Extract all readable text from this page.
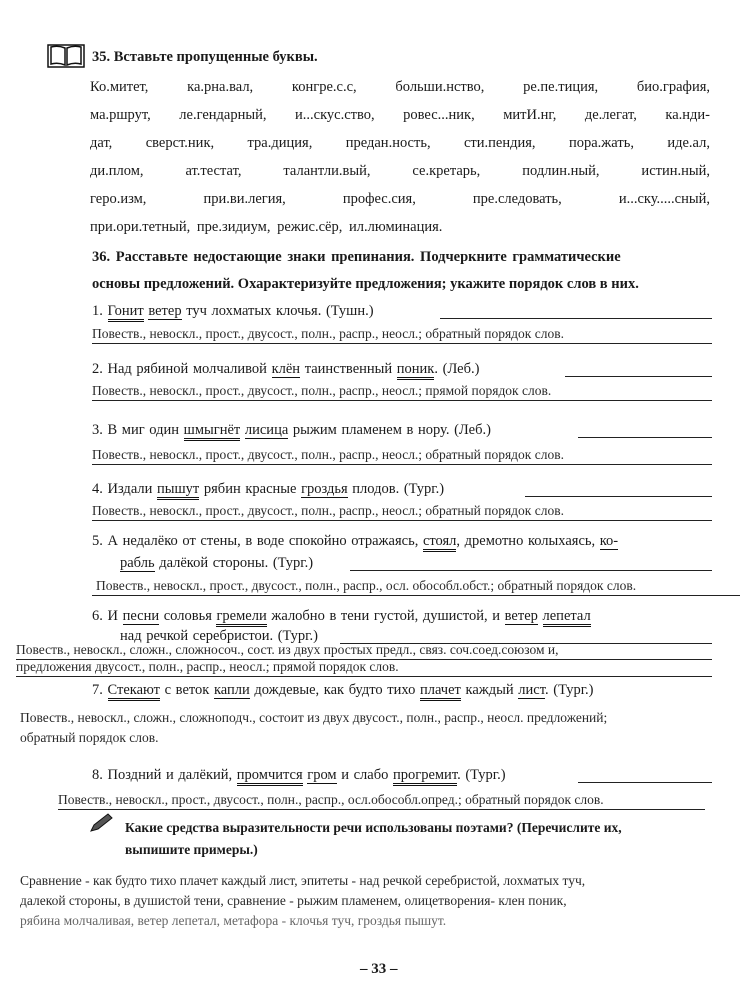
35. Вставьте пропущенные буквы.
Ко.митет, ка.рна.вал, конгре.с.с, больши.нство, ре.пе.тиция, био.графия,
ма.ршрут, ле.гендарный, и...скус.ство, ровес...ник, митИ.нг, де.легат, ка.нди-
дат, сверст.ник, тра.диция, предан.ность, сти.пендия, пора.жать, иде.ал,
ди.плом, ат.тестат, талантли.вый, се.кретарь, подлин.ный, истин.ный,
геро.изм, при.ви.легия, профес.сия, пре.следовать, и...ску.....сный,
при.ори.тетный, пре.зидиум, режис.сёр, ил.люминация.
36. Расставьте недостающие знаки препинания. Подчеркните грамматические
основы предложений. Охарактеризуйте предложения; укажите порядок слов в них.
1. Гонит ветер туч лохматых клочья. (Тушн.)
Повеств., невоскл., прост., двусост., полн., распр., неосл.; обратный порядок слов.
2. Над рябиной молчаливой клён таинственный поник. (Леб.)
Повеств., невоскл., прост., двусост., полн., распр., неосл.; прямой порядок слов.
3. В миг один шмыгнёт лисица рыжим пламенем в нору. (Леб.)
Повеств., невоскл., прост., двусост., полн., распр., неосл.; обратный порядок слов.
4. Издали пышут рябин красные гроздья плодов. (Тург.)
Повеств., невоскл., прост., двусост., полн., распр., неосл.; обратный порядок слов.
5. А недалёко от стены, в воде спокойно отражаясь, стоял, дремотно колыхаясь, ко-
рабль далёкой стороны. (Тург.)
Повеств., невоскл., прост., двусост., полн., распр., осл. обособл.обст.; обратный порядок слов.
6. И песни соловья гремели жалобно в тени густой, душистой, и ветер лепетал
над речкой серебристои. (Тург.)
Повеств., невоскл., сложн., сложносоч., сост. из двух простых предл., связ. соч.соед.союзом и,
предложения двусост., полн., распр., неосл.; прямой порядок слов.
7. Стекают с веток капли дождевые, как будто тихо плачет каждый лист. (Тург.)
Повеств., невоскл., сложн., сложноподч., состоит из двух двусост., полн., распр., неосл. предложений;
обратный порядок слов.
8. Поздний и далёкий, промчится гром и слабо прогремит. (Тург.)
Повеств., невоскл., прост., двусост., полн., распр., осл.обособл.опред.; обратный порядок слов.
Какие средства выразительности речи использованы поэтами? (Перечислите их,
выпишите примеры.)
Сравнение - как будто тихо плачет каждый лист, эпитеты - над речкой серебристой, лохматых туч,
далекой стороны, в душистой тени, сравнение - рыжим пламенем, олицетворения- клен поник,
рябина молчаливая, ветер лепетал, метафора - клочья туч, гроздья пышут.
– 33 –
